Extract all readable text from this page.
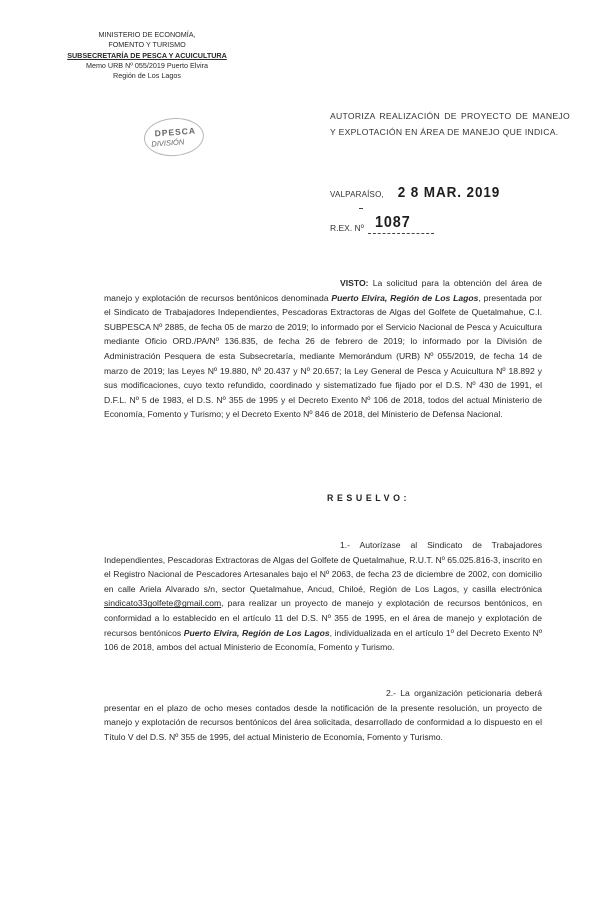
MINISTERIO DE ECONOMÍA,
FOMENTO Y TURISMO
SUBSECRETARÍA DE PESCA Y ACUICULTURA
Memo URB Nº 055/2019 Puerto Elvira
Región de Los Lagos
DPESCA
DIVISIÓN
AUTORIZA REALIZACIÓN DE PROYECTO DE MANEJO Y EXPLOTACIÓN EN ÁREA DE MANEJO QUE INDICA.
VALPARAÍSO, 2 8 MAR. 2019
R.EX. Nº 1087
VISTO: La solicitud para la obtención del área de manejo y explotación de recursos bentónicos denominada Puerto Elvira, Región de Los Lagos, presentada por el Sindicato de Trabajadores Independientes, Pescadoras Extractoras de Algas del Golfete de Quetalmahue, C.I. SUBPESCA Nº 2885, de fecha 05 de marzo de 2019; lo informado por el Servicio Nacional de Pesca y Acuicultura mediante Oficio ORD./PA/Nº 136.835, de fecha 26 de febrero de 2019; lo informado por la División de Administración Pesquera de esta Subsecretaría, mediante Memorándum (URB) Nº 055/2019, de fecha 14 de marzo de 2019; las Leyes Nº 19.880, Nº 20.437 y Nº 20.657; la Ley General de Pesca y Acuicultura Nº 18.892 y sus modificaciones, cuyo texto refundido, coordinado y sistematizado fue fijado por el D.S. Nº 430 de 1991, el D.F.L. Nº 5 de 1983, el D.S. Nº 355 de 1995 y el Decreto Exento Nº 106 de 2018, todos del actual Ministerio de Economía, Fomento y Turismo; y el Decreto Exento Nº 846 de 2018, del Ministerio de Defensa Nacional.
RESUELVO:
1.- Autorízase al Sindicato de Trabajadores Independientes, Pescadoras Extractoras de Algas del Golfete de Quetalmahue, R.U.T. Nº 65.025.816-3, inscrito en el Registro Nacional de Pescadores Artesanales bajo el Nº 2063, de fecha 23 de diciembre de 2002, con domicilio en calle Ariela Alvarado s/n, sector Quetalmahue, Ancud, Chiloé, Región de Los Lagos, y casilla electrónica sindicato33golfete@gmail.com, para realizar un proyecto de manejo y explotación de recursos bentónicos, en conformidad a lo establecido en el artículo 11 del D.S. Nº 355 de 1995, en el área de manejo y explotación de recursos bentónicos Puerto Elvira, Región de Los Lagos, individualizada en el artículo 1º del Decreto Exento Nº 106 de 2018, ambos del actual Ministerio de Economía, Fomento y Turismo.
2.- La organización peticionaria deberá presentar en el plazo de ocho meses contados desde la notificación de la presente resolución, un proyecto de manejo y explotación de recursos bentónicos del área solicitada, desarrollado de conformidad a lo dispuesto en el Título V del D.S. Nº 355 de 1995, del actual Ministerio de Economía, Fomento y Turismo.
